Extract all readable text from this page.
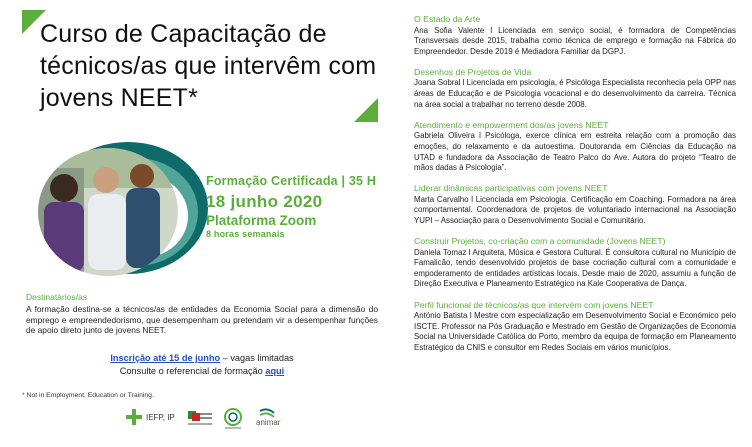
Curso de Capacitação de técnicos/as que intervêm com jovens NEET*
Formação Certificada | 35 H
18 junho 2020
Plataforma Zoom
8 horas semanais
Destinatários/as
A formação destina-se a técnicos/as de entidades da Economia Social para a dimensão do emprego e empreendedorismo, que desempenham ou pretendam vir a desempenhar funções de apoio direto junto de jovens NEET.
Inscrição até 15 de junho – vagas limitadas
Consulte o referencial de formação aqui
* Not in Employment, Education or Training.
IEFP, IP
animar
O Estado da Arte

Ana Sofia Valente l Licenciada em serviço social, é formadora de Competências Transversais desde 2015, trabalha como técnica de emprego e formação na Fábrica do Empreendedor. Desde 2019 é Mediadora Familiar da DGPJ.

Desenhos de Projetos de Vida

Joana Sobral l Licenciada em psicologia, é Psicóloga Especialista reconhecia pela OPP nas áreas de Educação e de Psicologia vocacional e do desenvolvimento da carreira. Técnica na área social a trabalhar no terreno desde 2008.

Atendimento e empowerment dos/as jovens NEET

Gabriela Oliveira l Psicóloga, exerce clínica em estreita relação com a promoção das emoções, do relaxamento e da autoestima. Doutoranda em Ciências da Educação na UTAD e fundadora da Associação de Teatro Palco do Ave. Autora do projeto “Teatro de mãos dadas à Psicologia”.

Liderar dinâmicas participativas com jovens NEET

Marta Carvalho l Licenciada em Psicologia. Certificação em Coaching. Formadora na área comportamental. Coordenadora de projetos de voluntariado internacional na Associação YUPI – Associação para o Desenvolvimento Social e Comunitário.

Construir Projetos, co-criação com a comunidade (Jovens NEET)

Daniela Tomaz l Arquiteta, Música e Gestora Cultural. É consultora cultural no Município de Famalicão, tendo desenvolvido projetos de base cocriação cultural com a comunidade e empoderamento de entidades artísticas locais. Desde maio de 2020, assumiu a função de Direção Executiva e Planeamento Estratégico na Kale Cooperativa de Dança.

Perfil funcional de técnicos/as que intervém com jovens NEET

António Batista l Mestre com especialização em Desenvolvimento Social e Económico pelo ISCTE. Professor na Pós Graduação e Mestrado em Gestão de Organizações de Economia Social na Universidade Católica do Porto, membro da equipa de formação em Planeamento Estratégico da CNIS e consultor em Redes Sociais em vários municípios.
